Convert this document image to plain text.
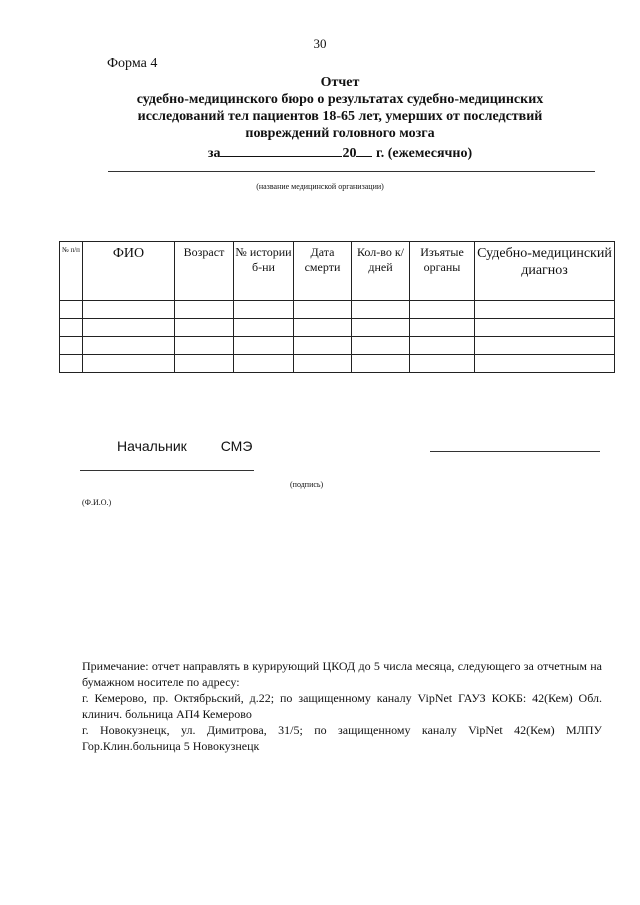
30
Форма 4

Отчет

судебно-медицинского бюро о результатах судебно-медицинских

исследований тел пациентов 18-65 лет, умерших от последствий

повреждений головного мозга

за	20 г. (ежемесячно)
(название медицинской организации)
№ п/п	ФИО	Возраст	№ истории б-ни	Дата смерти	Кол-во к/дней	Изъятые органы	Судебно-медицинский диагноз

Начальник СМЭ
(подпись)
(Ф.И.О.)

Примечание: отчет направлять в курирующий ЦКОД до 5 числа месяца, следующего за отчетным на бумажном носителе по адресу:

г. Кемерово, пр. Октябрьский, д.22; по защищенному каналу VipNet ГАУЗ КОКБ: 42(Кем) Обл. клинич. больница АП4 Кемерово

г. Новокузнецк, ул. Димитрова, 31/5; по защищенному каналу VipNet 42(Кем) МЛПУ Гор.Клин.больница 5 Новокузнецк
